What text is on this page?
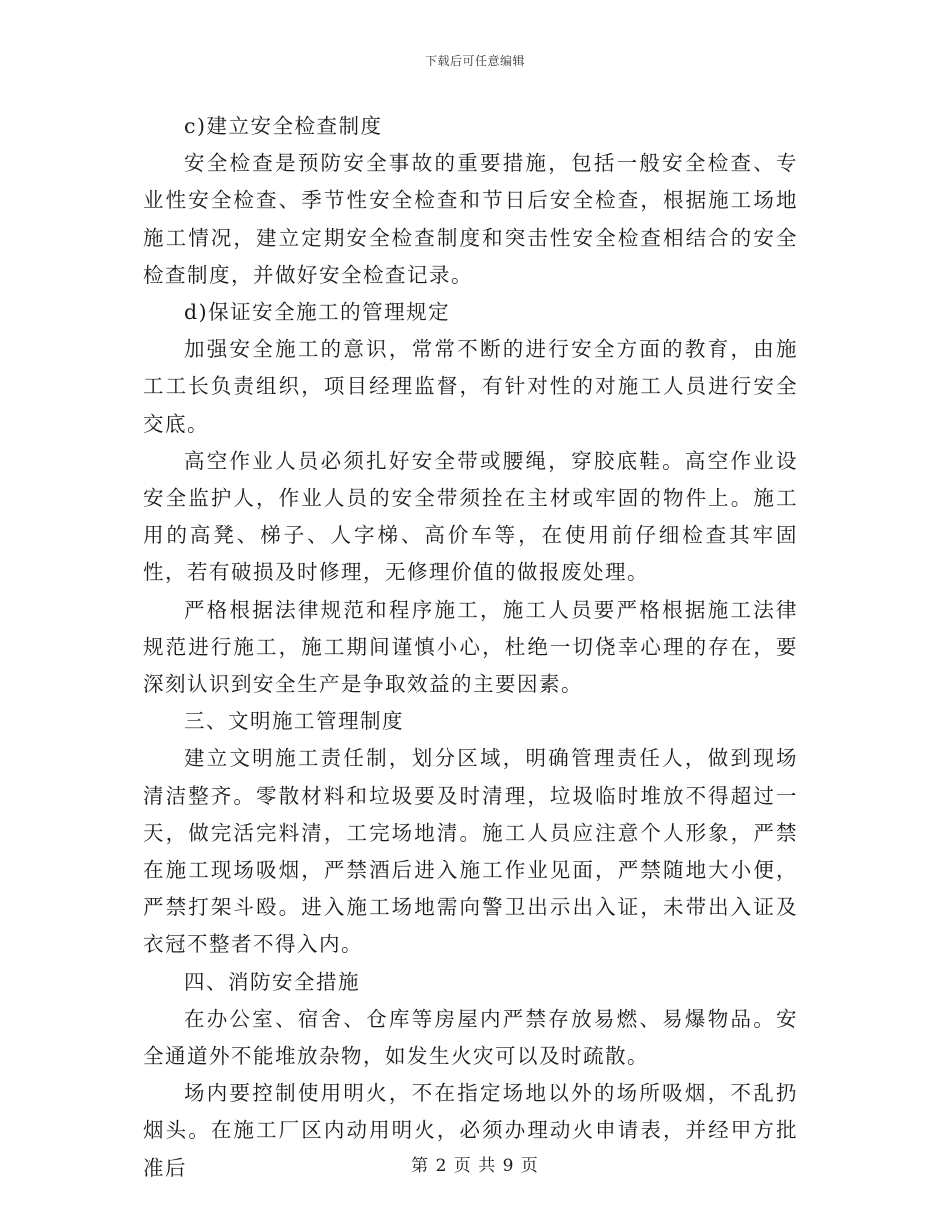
下载后可任意编辑

c)建立安全检查制度

安全检查是预防安全事故的重要措施，包括一般安全检查、专业性安全检查、季节性安全检查和节日后安全检查，根据施工场地施工情况，建立定期安全检查制度和突击性安全检查相结合的安全检查制度，并做好安全检查记录。

d)保证安全施工的管理规定

加强安全施工的意识，常常不断的进行安全方面的教育，由施工工长负责组织，项目经理监督，有针对性的对施工人员进行安全交底。

高空作业人员必须扎好安全带或腰绳，穿胶底鞋。高空作业设安全监护人，作业人员的安全带须拴在主材或牢固的物件上。施工用的高凳、梯子、人字梯、高价车等，在使用前仔细检查其牢固性，若有破损及时修理，无修理价值的做报废处理。

严格根据法律规范和程序施工，施工人员要严格根据施工法律规范进行施工，施工期间谨慎小心，杜绝一切侥幸心理的存在，要深刻认识到安全生产是争取效益的主要因素。

三、文明施工管理制度

建立文明施工责任制，划分区域，明确管理责任人，做到现场清洁整齐。零散材料和垃圾要及时清理，垃圾临时堆放不得超过一天，做完活完料清，工完场地清。施工人员应注意个人形象，严禁在施工现场吸烟，严禁酒后进入施工作业见面，严禁随地大小便，严禁打架斗殴。进入施工场地需向警卫出示出入证，未带出入证及衣冠不整者不得入内。

四、消防安全措施

在办公室、宿舍、仓库等房屋内严禁存放易燃、易爆物品。安全通道外不能堆放杂物，如发生火灾可以及时疏散。

场内要控制使用明火，不在指定场地以外的场所吸烟，不乱扔烟头。在施工厂区内动用明火，必须办理动火申请表，并经甲方批准后	第 2 页 共 9 页
